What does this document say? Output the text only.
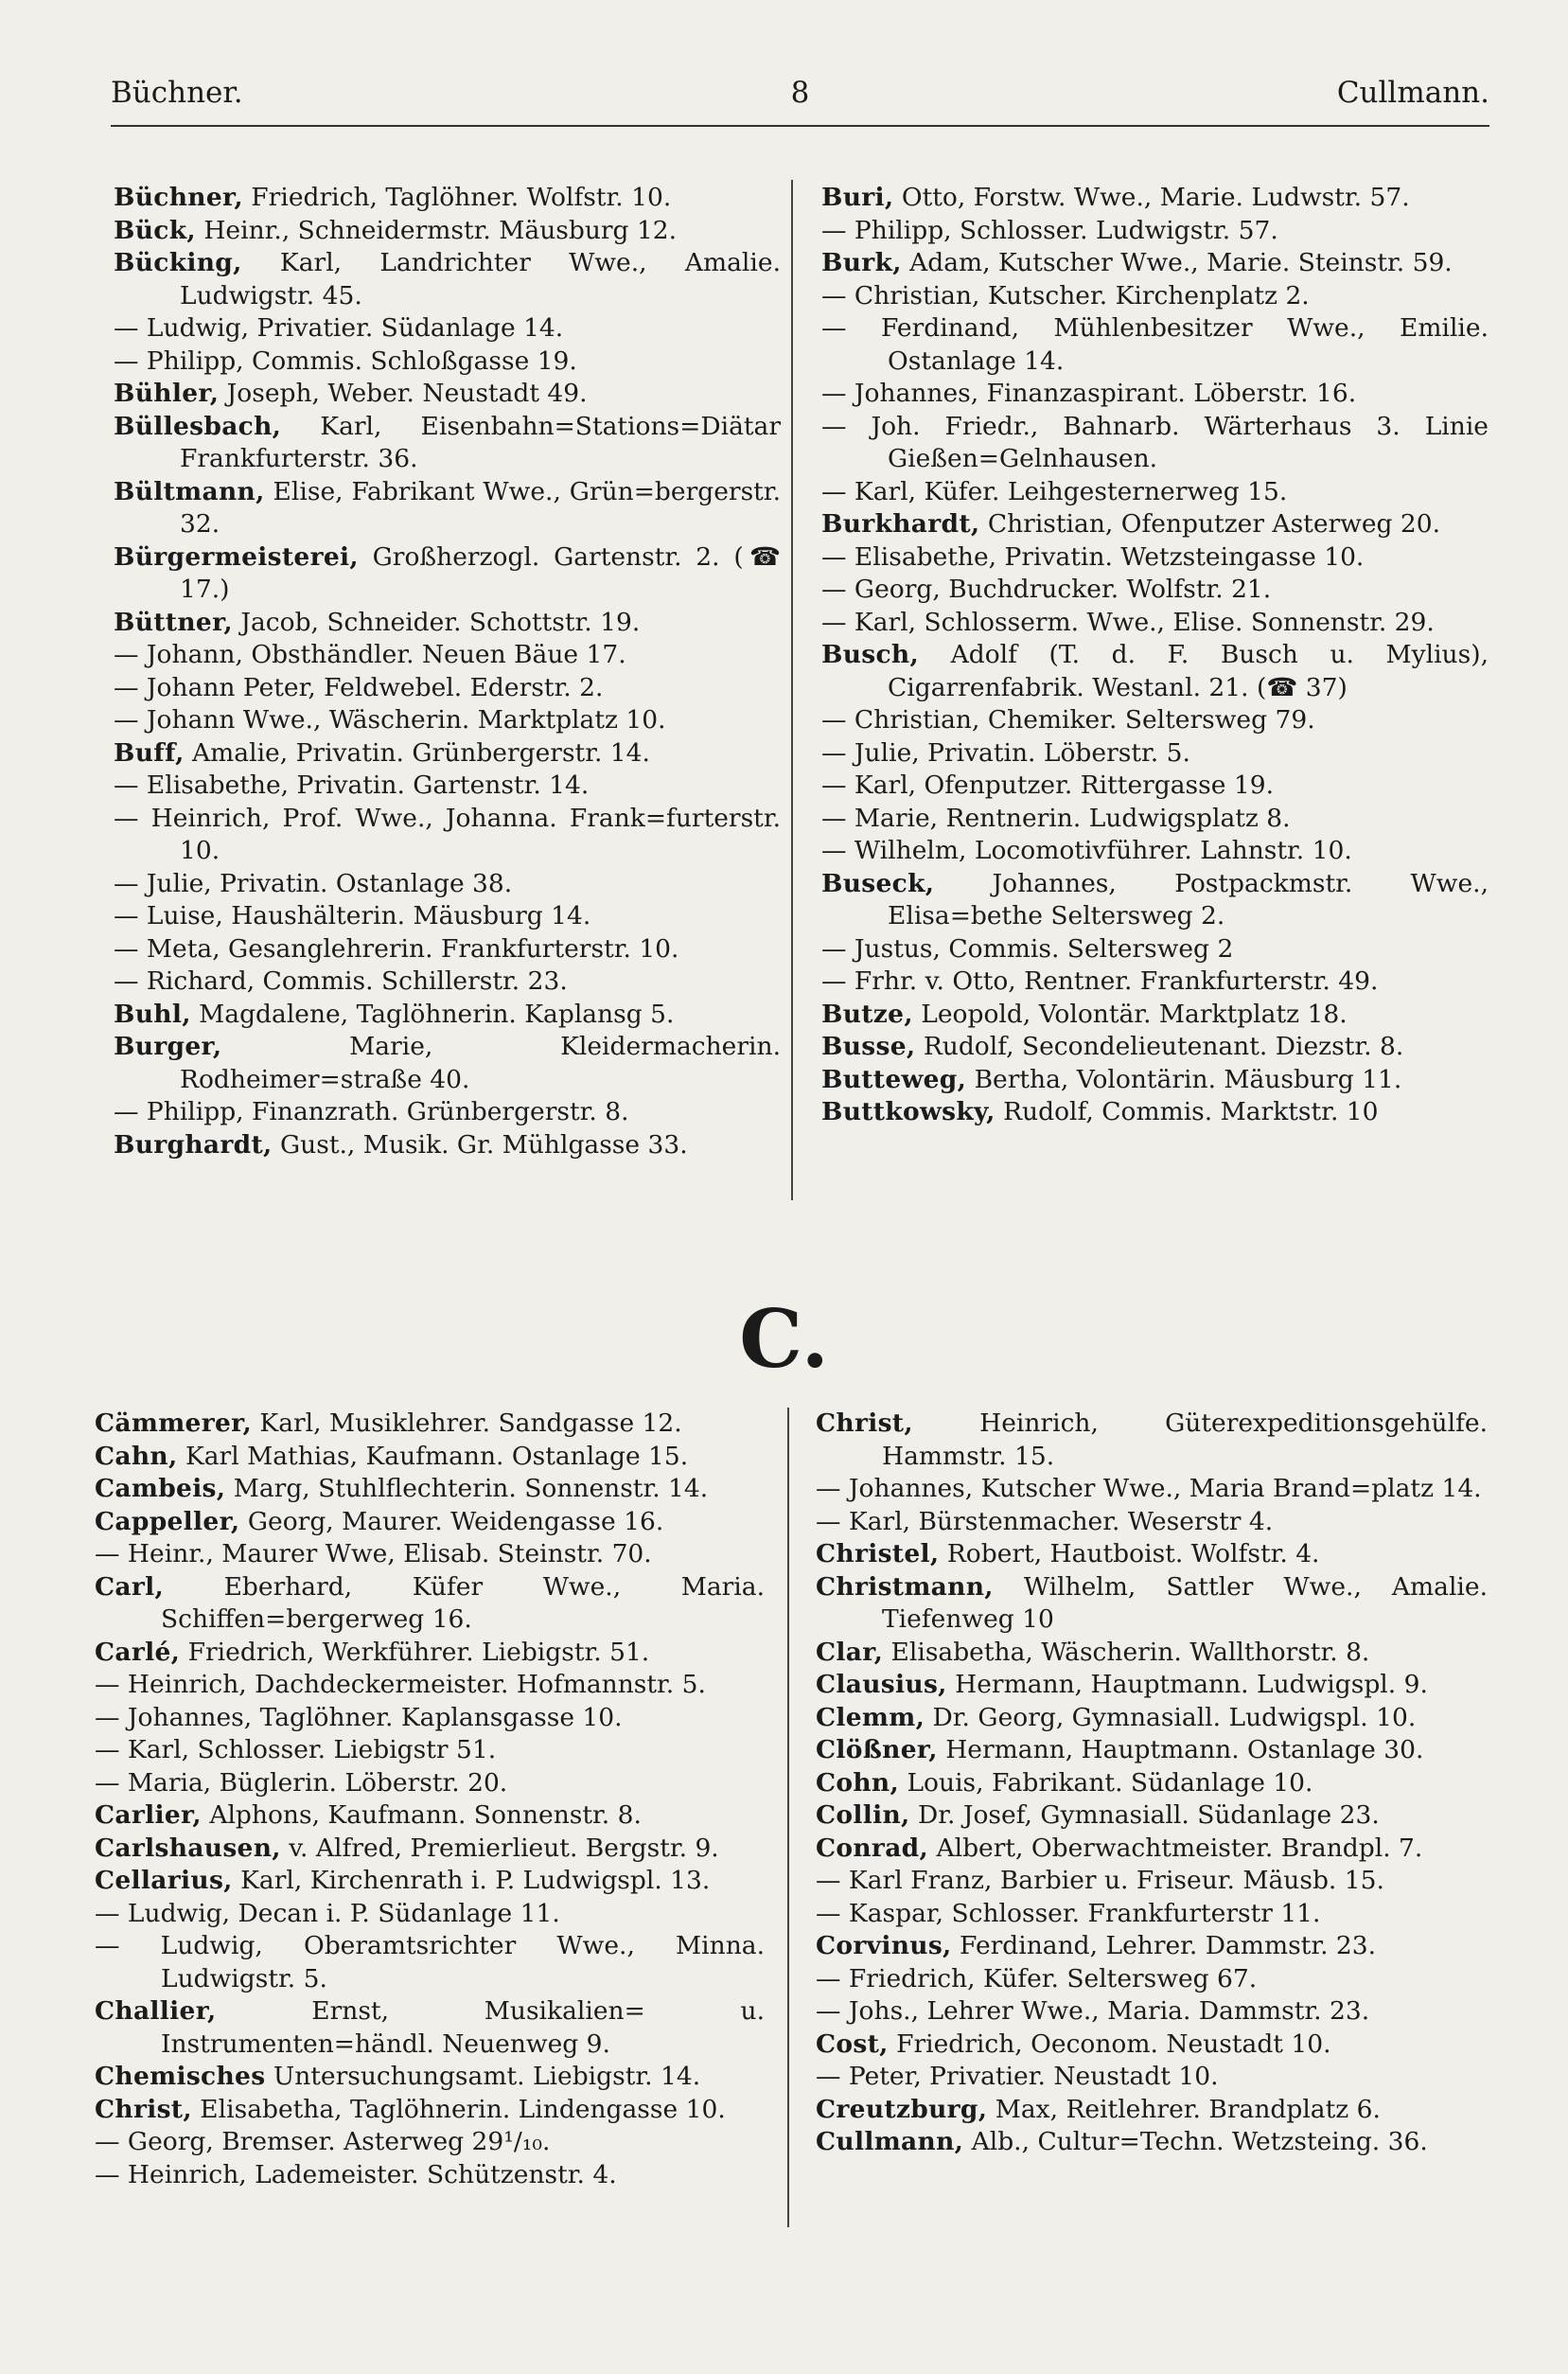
8
Büchner.	Cullmann.
Büchner, Friedrich, Taglöhner. Wolfstr. 10.
Bück, Heinr., Schneidermstr. Mäusburg 12.
Bücking, Karl, Landrichter Wwe., Amalie. Ludwigstr. 45.
— Ludwig, Privatier. Südanlage 14.
— Philipp, Commis. Schloßgasse 19.
Bühler, Joseph, Weber. Neustadt 49.
Büllesbach, Karl, Eisenbahn=Stations=Diätar Frankfurterstr. 36.
Bültmann, Elise, Fabrikant Wwe., Grün=bergerstr. 32.
Bürgermeisterei, Großherzogl. Gartenstr. 2. (☎ 17.)
Büttner, Jacob, Schneider. Schottstr. 19.
— Johann, Obsthändler. Neuen Bäue 17.
— Johann Peter, Feldwebel. Ederstr. 2.
— Johann Wwe., Wäscherin. Marktplatz 10.
Buff, Amalie, Privatin. Grünbergerstr. 14.
— Elisabethe, Privatin. Gartenstr. 14.
— Heinrich, Prof. Wwe., Johanna. Frank=furterstr. 10.
— Julie, Privatin. Ostanlage 38.
— Luise, Haushälterin. Mäusburg 14.
— Meta, Gesanglehrerin. Frankfurterstr. 10.
— Richard, Commis. Schillerstr. 23.
Buhl, Magdalene, Taglöhnerin. Kaplansg 5.
Burger, Marie, Kleidermacherin. Rodheimer=straße 40.
— Philipp, Finanzrath. Grünbergerstr. 8.
Burghardt, Gust., Musik. Gr. Mühlgasse 33.
Buri, Otto, Forstw. Wwe., Marie. Ludwstr. 57.
— Philipp, Schlosser. Ludwigstr. 57.
Burk, Adam, Kutscher Wwe., Marie. Steinstr. 59.
— Christian, Kutscher. Kirchenplatz 2.
— Ferdinand, Mühlenbesitzer Wwe., Emilie. Ostanlage 14.
— Johannes, Finanzaspirant. Löberstr. 16.
— Joh. Friedr., Bahnarb. Wärterhaus 3. Linie Gießen=Gelnhausen.
— Karl, Küfer. Leihgesternerweg 15.
Burkhardt, Christian, Ofenputzer Asterweg 20.
— Elisabethe, Privatin. Wetzsteingasse 10.
— Georg, Buchdrucker. Wolfstr. 21.
— Karl, Schlosserm. Wwe., Elise. Sonnenstr. 29.
Busch, Adolf (T. d. F. Busch u. Mylius), Cigarrenfabrik. Westanl. 21. (☎ 37)
— Christian, Chemiker. Seltersweg 79.
— Julie, Privatin. Löberstr. 5.
— Karl, Ofenputzer. Rittergasse 19.
— Marie, Rentnerin. Ludwigsplatz 8.
— Wilhelm, Locomotivführer. Lahnstr. 10.
Buseck, Johannes, Postpackmstr. Wwe., Elisa=bethe Seltersweg 2.
— Justus, Commis. Seltersweg 2
— Frhr. v. Otto, Rentner. Frankfurterstr. 49.
Butze, Leopold, Volontär. Marktplatz 18.
Busse, Rudolf, Secondelieutenant. Diezstr. 8.
Butteweg, Bertha, Volontärin. Mäusburg 11.
Buttkowsky, Rudolf, Commis. Marktstr. 10
C.
Cämmerer, Karl, Musiklehrer. Sandgasse 12.
Cahn, Karl Mathias, Kaufmann. Ostanlage 15.
Cambeis, Marg, Stuhlflechterin. Sonnenstr. 14.
Cappeller, Georg, Maurer. Weidengasse 16.
— Heinr., Maurer Wwe, Elisab. Steinstr. 70.
Carl, Eberhard, Küfer Wwe., Maria. Schiffen=bergerweg 16.
Carlé, Friedrich, Werkführer. Liebigstr. 51.
— Heinrich, Dachdeckermeister. Hofmannstr. 5.
— Johannes, Taglöhner. Kaplansgasse 10.
— Karl, Schlosser. Liebigstr 51.
— Maria, Büglerin. Löberstr. 20.
Carlier, Alphons, Kaufmann. Sonnenstr. 8.
Carlshausen, v. Alfred, Premierlieut. Bergstr. 9.
Cellarius, Karl, Kirchenrath i. P. Ludwigspl. 13.
— Ludwig, Decan i. P. Südanlage 11.
— Ludwig, Oberamtsrichter Wwe., Minna. Ludwigstr. 5.
Challier, Ernst, Musikalien= u. Instrumenten=händl. Neuenweg 9.
Chemisches Untersuchungsamt. Liebigstr. 14.
Christ, Elisabetha, Taglöhnerin. Lindengasse 10.
— Georg, Bremser. Asterweg 29¹/₁₀.
— Heinrich, Lademeister. Schützenstr. 4.
Christ, Heinrich, Güterexpeditionsgehülfe. Hammstr. 15.
— Johannes, Kutscher Wwe., Maria Brand=platz 14.
— Karl, Bürstenmacher. Weserstr 4.
Christel, Robert, Hautboist. Wolfstr. 4.
Christmann, Wilhelm, Sattler Wwe., Amalie. Tiefenweg 10
Clar, Elisabetha, Wäscherin. Wallthorstr. 8.
Clausius, Hermann, Hauptmann. Ludwigspl. 9.
Clemm, Dr. Georg, Gymnasiall. Ludwigspl. 10.
Clößner, Hermann, Hauptmann. Ostanlage 30.
Cohn, Louis, Fabrikant. Südanlage 10.
Collin, Dr. Josef, Gymnasiall. Südanlage 23.
Conrad, Albert, Oberwachtmeister. Brandpl. 7.
— Karl Franz, Barbier u. Friseur. Mäusb. 15.
— Kaspar, Schlosser. Frankfurterstr 11.
Corvinus, Ferdinand, Lehrer. Dammstr. 23.
— Friedrich, Küfer. Seltersweg 67.
— Johs., Lehrer Wwe., Maria. Dammstr. 23.
Cost, Friedrich, Oeconom. Neustadt 10.
— Peter, Privatier. Neustadt 10.
Creutzburg, Max, Reitlehrer. Brandplatz 6.
Cullmann, Alb., Cultur=Techn. Wetzsteing. 36.
